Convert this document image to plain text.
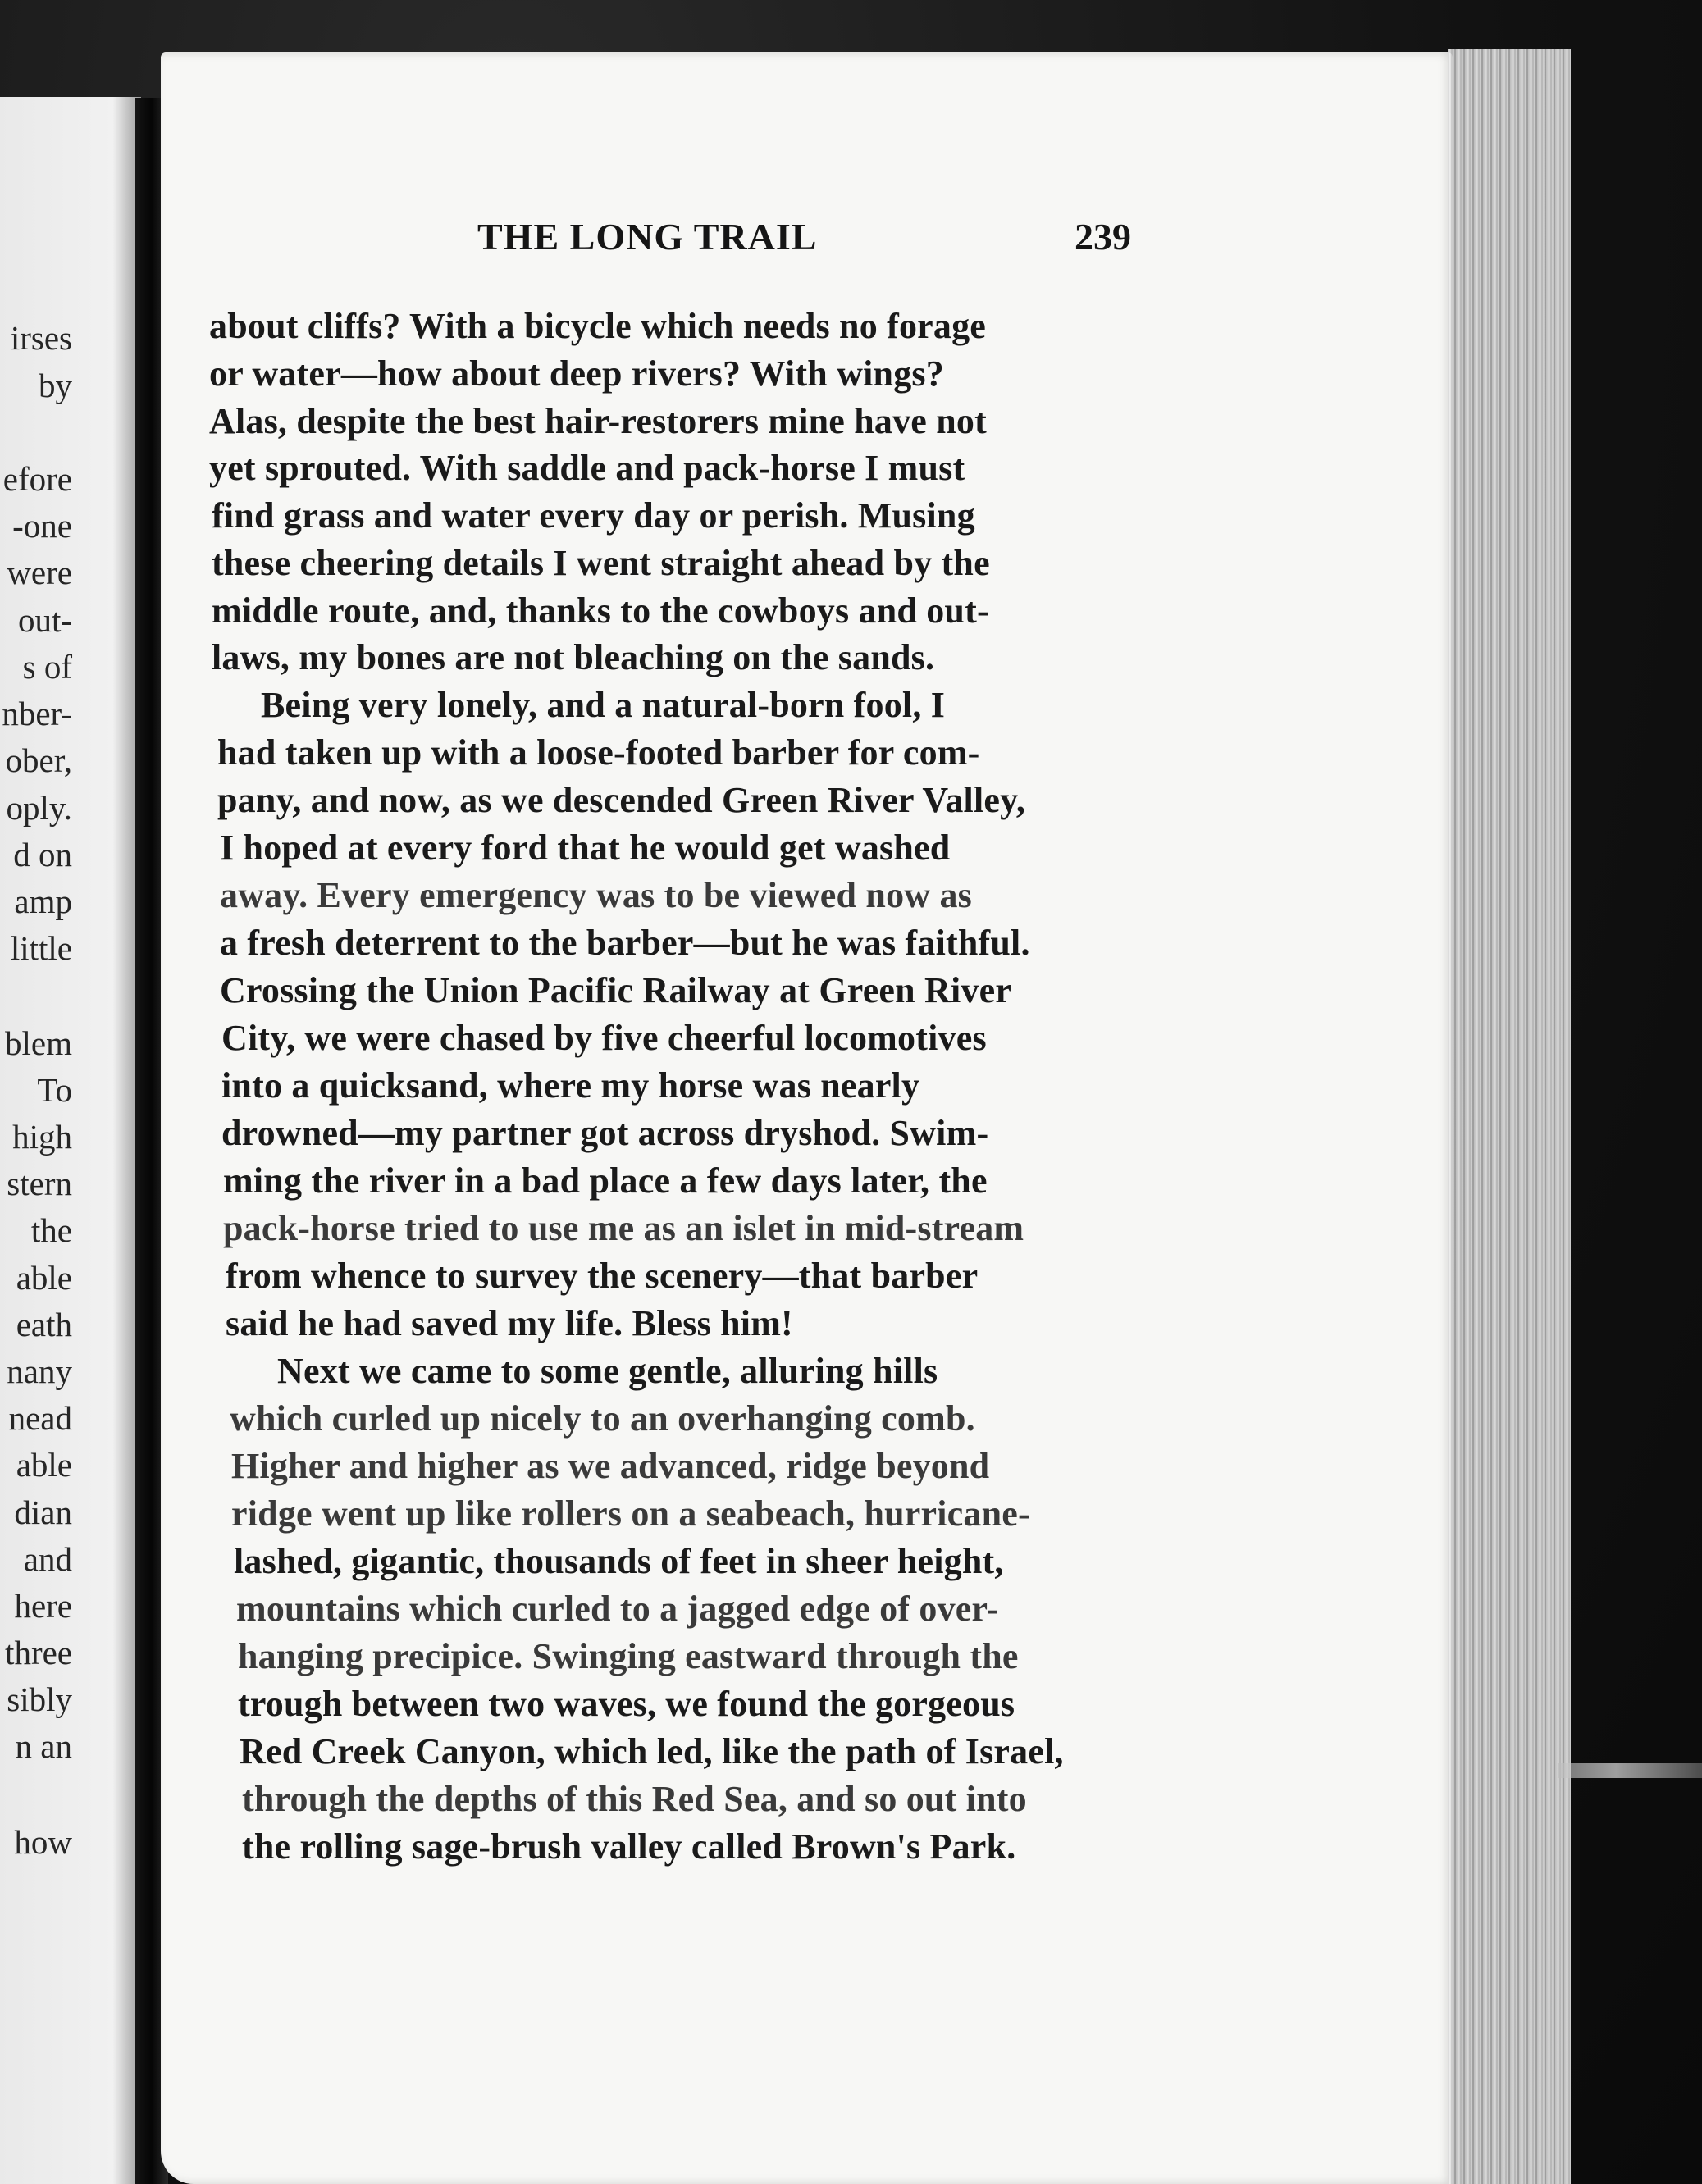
irses
by
efore
-one
were
out-
s of
nber-
ober,
oply.
d on
amp
little
blem
To
high
stern
the
able
eath
nany
nead
able
dian
and
here
three
sibly
n an
how
THE LONG TRAIL	239
about cliffs? With a bicycle which needs no forage
or water—how about deep rivers? With wings?
Alas, despite the best hair-restorers mine have not
yet sprouted. With saddle and pack-horse I must
find grass and water every day or perish. Musing
these cheering details I went straight ahead by the
middle route, and, thanks to the cowboys and out-
laws, my bones are not bleaching on the sands.
Being very lonely, and a natural-born fool, I
had taken up with a loose-footed barber for com-
pany, and now, as we descended Green River Valley,
I hoped at every ford that he would get washed
away. Every emergency was to be viewed now as
a fresh deterrent to the barber—but he was faithful.
Crossing the Union Pacific Railway at Green River
City, we were chased by five cheerful locomotives
into a quicksand, where my horse was nearly
drowned—my partner got across dryshod. Swim-
ming the river in a bad place a few days later, the
pack-horse tried to use me as an islet in mid-stream
from whence to survey the scenery—that barber
said he had saved my life. Bless him!
Next we came to some gentle, alluring hills
which curled up nicely to an overhanging comb.
Higher and higher as we advanced, ridge beyond
ridge went up like rollers on a seabeach, hurricane-
lashed, gigantic, thousands of feet in sheer height,
mountains which curled to a jagged edge of over-
hanging precipice. Swinging eastward through the
trough between two waves, we found the gorgeous
Red Creek Canyon, which led, like the path of Israel,
through the depths of this Red Sea, and so out into
the rolling sage-brush valley called Brown's Park.
